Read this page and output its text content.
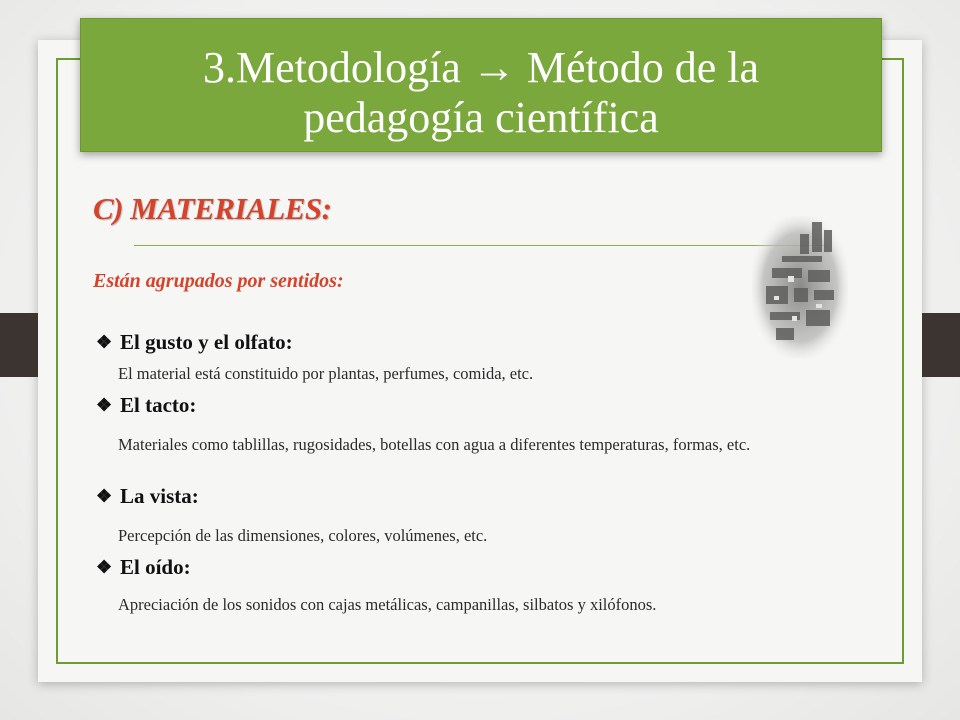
3.Metodología → Método de la
pedagogía científica
C) MATERIALES:
Están agrupados por sentidos:
❖ El gusto y el olfato:
El material está constituido por plantas, perfumes, comida, etc.
❖ El tacto:
Materiales como tablillas, rugosidades, botellas con agua a diferentes temperaturas, formas, etc.
❖ La vista:
Percepción de las dimensiones, colores, volúmenes, etc.
❖ El oído:
Apreciación de los sonidos con cajas metálicas, campanillas, silbatos y xilófonos.
